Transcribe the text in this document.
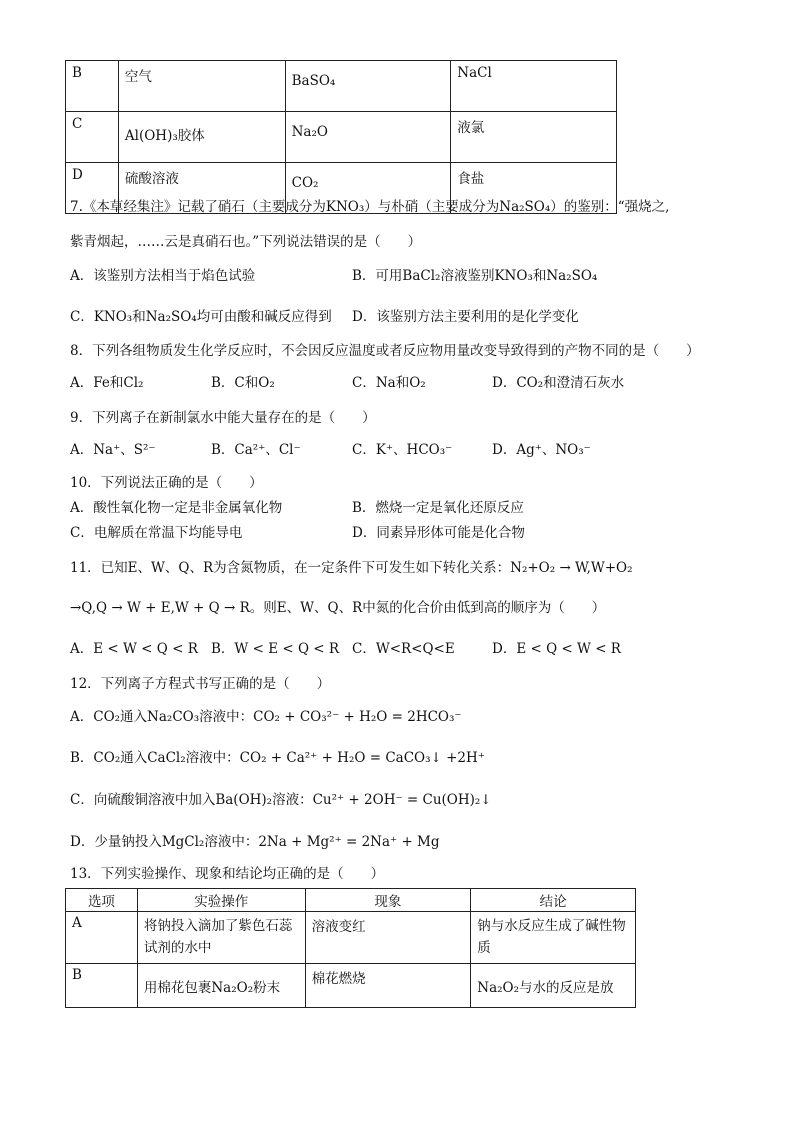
B	空气	BaSO₄	NaCl
C	Al(OH)₃胶体	Na₂O	液氯
D	硫酸溶液	CO₂	食盐
7.《本草经集注》记载了硝石（主要成分为KNO₃）与朴硝（主要成分为Na₂SO₄）的鉴别：“强烧之,
紫青烟起，……云是真硝石也。”下列说法错误的是（　　）
A．该鉴别方法相当于焰色试验	B．可用BaCl₂溶液鉴别KNO₃和Na₂SO₄
C．KNO₃和Na₂SO₄均可由酸和碱反应得到 D．该鉴别方法主要利用的是化学变化
8．下列各组物质发生化学反应时，不会因反应温度或者反应物用量改变导致得到的产物不同的是（　　）
A．Fe和Cl₂	B．C和O₂	C．Na和O₂	D．CO₂和澄清石灰水
9．下列离子在新制氯水中能大量存在的是（　　）
A．Na⁺、S²⁻	B．Ca²⁺、Cl⁻	C．K⁺、HCO₃⁻	D．Ag⁺、NO₃⁻
10．下列说法正确的是（　　）
A．酸性氧化物一定是非金属氧化物	B．燃烧一定是氧化还原反应
C．电解质在常温下均能导电	D．同素异形体可能是化合物
11．已知E、W、Q、R为含氮物质，在一定条件下可发生如下转化关系：N₂+O₂ → W,W+O₂
→Q,Q → W + E,W + Q → R。则E、W、Q、R中氮的化合价由低到高的顺序为（　　）
A．E < W < Q < R B．W < E < Q < R C．W<R<Q<E	D．E < Q < W < R
12．下列离子方程式书写正确的是（　　）
A．CO₂通入Na₂CO₃溶液中：CO₂ + CO₃²⁻ + H₂O = 2HCO₃⁻
B．CO₂通入CaCl₂溶液中：CO₂ + Ca²⁺ + H₂O = CaCO₃↓ +2H⁺
C．向硫酸铜溶液中加入Ba(OH)₂溶液：Cu²⁺ + 2OH⁻ = Cu(OH)₂↓
D．少量钠投入MgCl₂溶液中：2Na + Mg²⁺ = 2Na⁺ + Mg
13．下列实验操作、现象和结论均正确的是（　　）
选项	实验操作	现象	结论
A	将钠投入滴加了紫色石蕊试剂的水中	溶液变红	钠与水反应生成了碱性物质
B	用棉花包裹Na₂O₂粉末	棉花燃烧	Na₂O₂与水的反应是放
